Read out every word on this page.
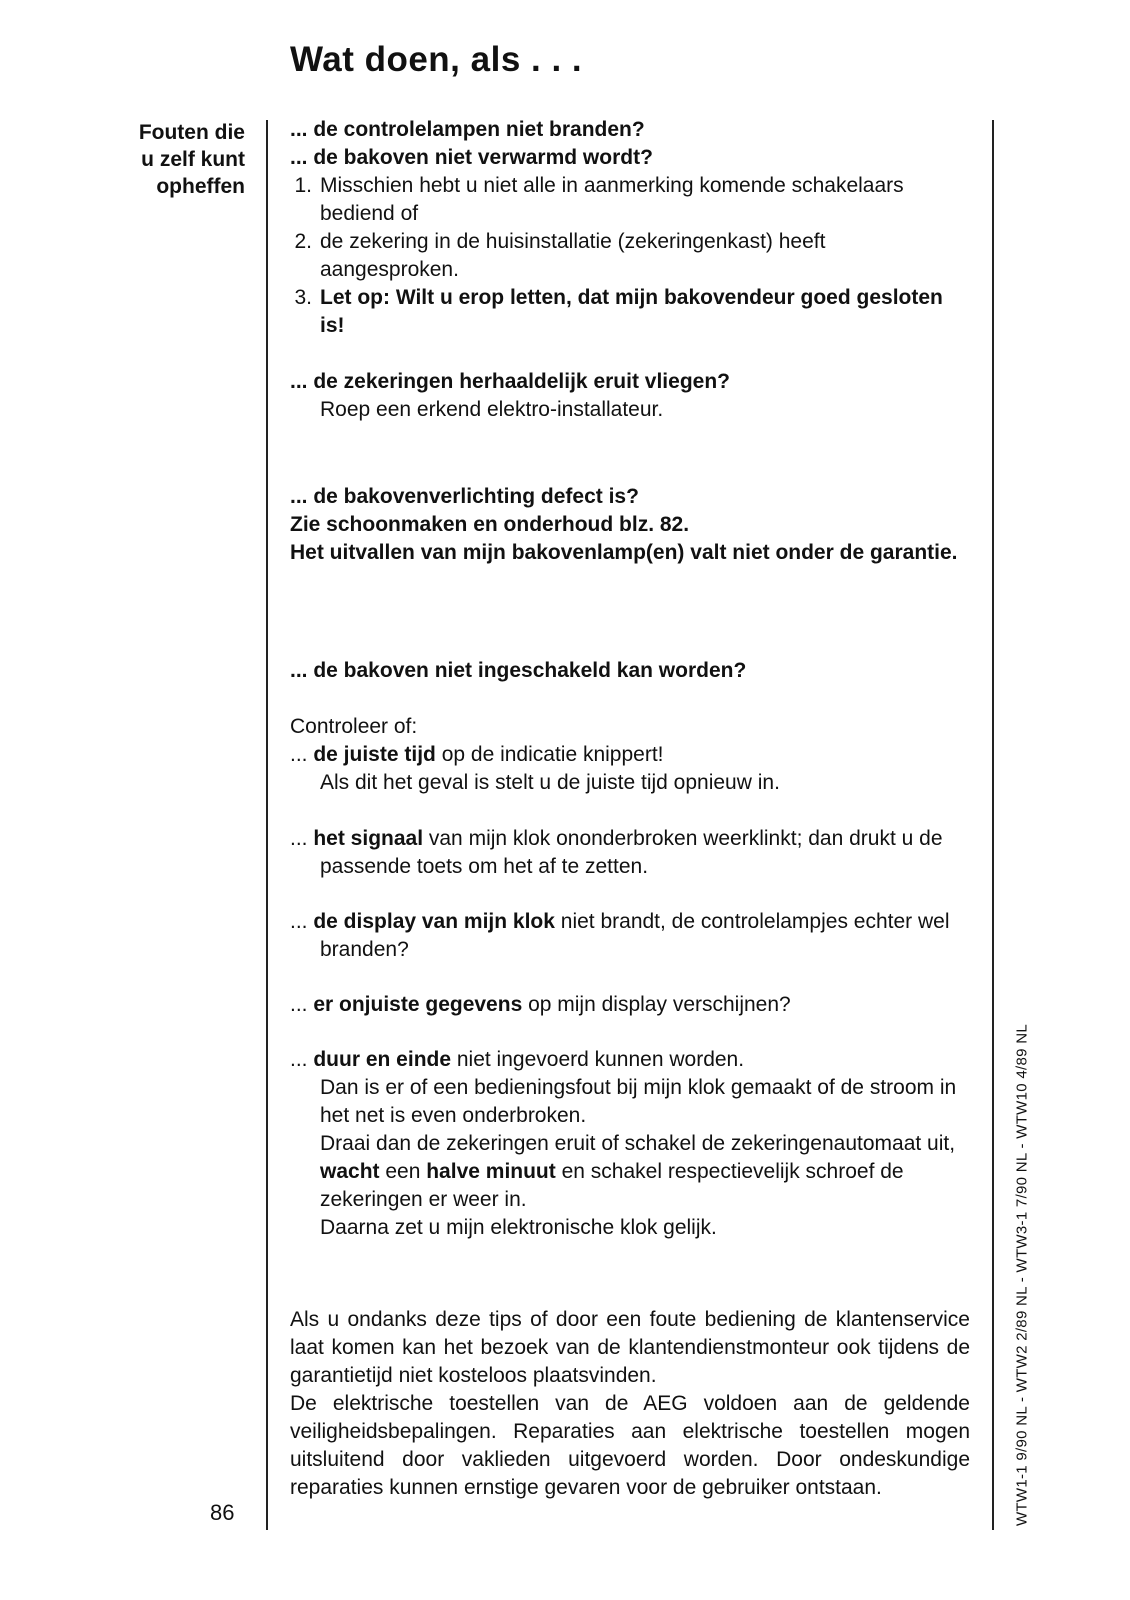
Wat doen, als . . .
Fouten die
u zelf kunt
opheffen
86	WTW1-1 9/90 NL - WTW2 2/89 NL - WTW3-1 7/90 NL - WTW10 4/89 NL
... de controlelampen niet branden?
... de bakoven niet verwarmd wordt?
1. Misschien hebt u niet alle in aanmerking komende schakelaars bediend of
2. de zekering in de huisinstallatie (zekeringenkast) heeft aangesproken.
3. Let op: Wilt u erop letten, dat mijn bakovendeur goed gesloten is!
... de zekeringen herhaaldelijk eruit vliegen?
Roep een erkend elektro-installateur.
... de bakovenverlichting defect is?
Zie schoonmaken en onderhoud blz. 82.
Het uitvallen van mijn bakovenlamp(en) valt niet onder de garantie.
... de bakoven niet ingeschakeld kan worden?
Controleer of:
... de juiste tijd op de indicatie knippert!
Als dit het geval is stelt u de juiste tijd opnieuw in.
... het signaal van mijn klok ononderbroken weerklinkt; dan drukt u de passende toets om het af te zetten.
... de display van mijn klok niet brandt, de controlelampjes echter wel branden?
... er onjuiste gegevens op mijn display verschijnen?
... duur en einde niet ingevoerd kunnen worden.
Dan is er of een bedieningsfout bij mijn klok gemaakt of de stroom in het net is even onderbroken.
Draai dan de zekeringen eruit of schakel de zekeringenautomaat uit, wacht een halve minuut en schakel respectievelijk schroef de zekeringen er weer in.
Daarna zet u mijn elektronische klok gelijk.
Als u ondanks deze tips of door een foute bediening de klantenservice laat komen kan het bezoek van de klantendienstmonteur ook tijdens de garantietijd niet kosteloos plaatsvinden.
De elektrische toestellen van de AEG voldoen aan de geldende veiligheidsbepalingen. Reparaties aan elektrische toestellen mogen uitsluitend door vaklieden uitgevoerd worden. Door ondeskundige reparaties kunnen ernstige gevaren voor de gebruiker ontstaan.
